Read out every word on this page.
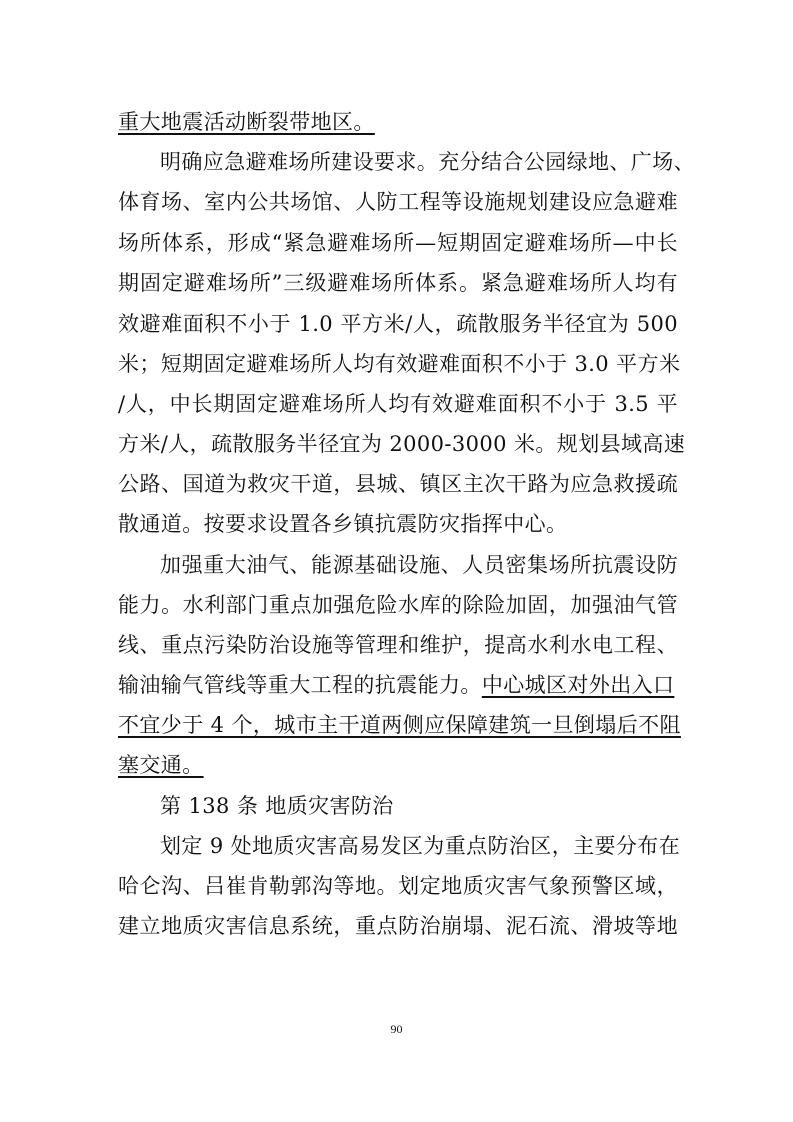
重大地震活动断裂带地区。
明确应急避难场所建设要求。充分结合公园绿地、广场、
体育场、室内公共场馆、人防工程等设施规划建设应急避难
场所体系，形成“紧急避难场所—短期固定避难场所—中长
期固定避难场所”三级避难场所体系。紧急避难场所人均有
效避难面积不小于 1.0 平方米/人，疏散服务半径宜为 500
米；短期固定避难场所人均有效避难面积不小于 3.0 平方米
/人，中长期固定避难场所人均有效避难面积不小于 3.5 平
方米/人，疏散服务半径宜为 2000-3000 米。规划县域高速
公路、国道为救灾干道，县城、镇区主次干路为应急救援疏
散通道。按要求设置各乡镇抗震防灾指挥中心。
加强重大油气、能源基础设施、人员密集场所抗震设防
能力。水利部门重点加强危险水库的除险加固，加强油气管
线、重点污染防治设施等管理和维护，提高水利水电工程、
输油输气管线等重大工程的抗震能力。中心城区对外出入口
不宜少于 4 个，城市主干道两侧应保障建筑一旦倒塌后不阻
塞交通。
第 138 条 地质灾害防治
划定 9 处地质灾害高易发区为重点防治区，主要分布在
哈仑沟、吕崔肯勒郭沟等地。划定地质灾害气象预警区域，
建立地质灾害信息系统，重点防治崩塌、泥石流、滑坡等地
90
